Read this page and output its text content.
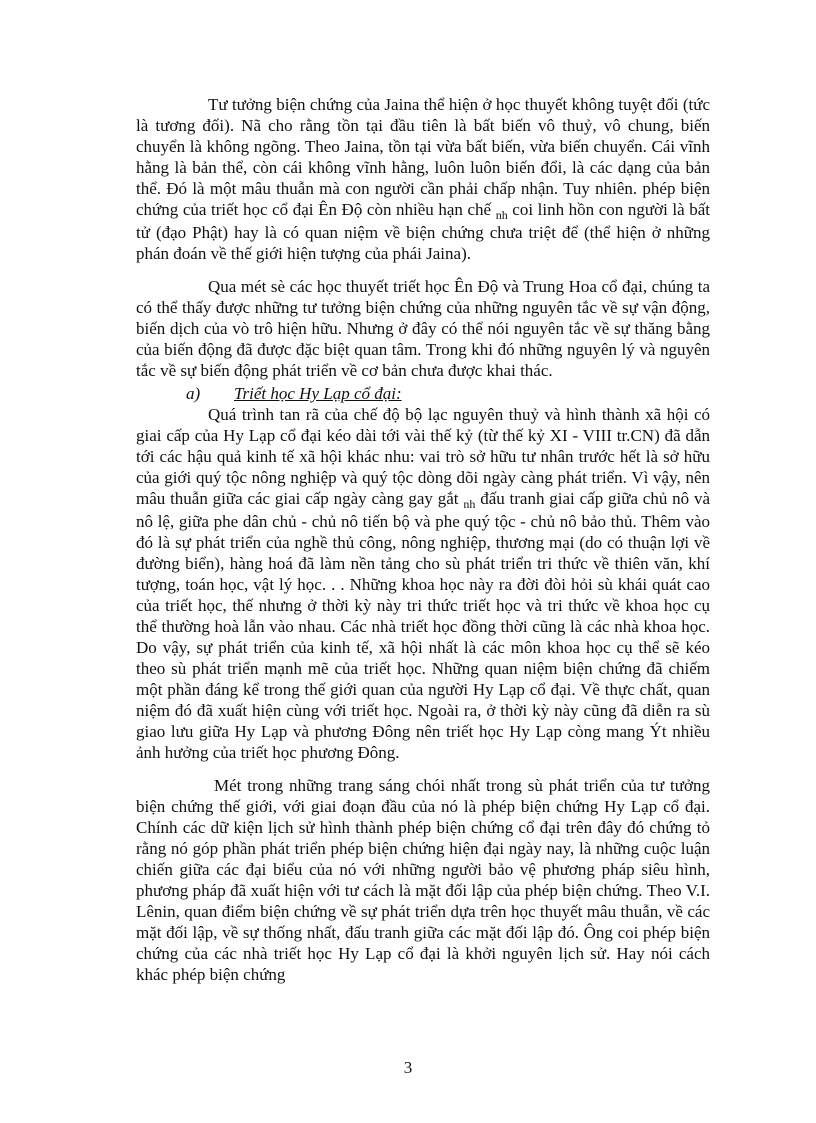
Tư tưởng biện chứng của Jaina thể hiện ở học thuyết không tuyệt đối (tức là tương đối). Nã cho rằng tồn tại đầu tiên là bất biến vô thuỷ, vô chung, biến chuyển là không ngõng. Theo Jaina, tồn tại vừa bất biến, vừa biến chuyển. Cái vĩnh hằng là bản thể, còn cái không vĩnh hằng, luôn luôn biến đổi, là các dạng của bản thể. Đó là một mâu thuẫn mà con người cần phải chấp nhận. Tuy nhiên. phép biện chứng của triết học cổ đại Ên Độ còn nhiều hạn chế $_{nh}$ coi linh hồn con người là bất tử (đạo Phật) hay là có quan niệm về biện chứng chưa triệt để (thể hiện ở những phán đoán về thế giới hiện tượng của phái Jaina).

Qua mét sè các học thuyết triết học Ên Độ và Trung Hoa cổ đại, chúng ta có thể thấy được những tư tưởng biện chứng của những nguyên tắc về sự vận động, biến dịch của vò trô hiện hữu. Nhưng ở đây có thể nói nguyên tắc về sự thăng bằng của biến động đã được đặc biệt quan tâm. Trong khi đó những nguyên lý và nguyên tắc về sự biến động phát triển về cơ bản chưa được khai thác.

a) Triết học Hy Lạp cổ đại:

Quá trình tan rã của chế độ bộ lạc nguyên thuỷ và hình thành xã hội có giai cấp của Hy Lạp cổ đại kéo dài tới vài thế kỷ (từ thế kỷ XI - VIII tr.CN) đã dẫn tới các hậu quả kinh tế xã hội khác nhu: vai trò sở hữu tư nhân trước hết là sở hữu của giới quý tộc nông nghiệp và quý tộc dòng dõi ngày càng phát triển. Vì vậy, nên mâu thuẫn giữa các giai cấp ngày càng gay gắt $_{nh}$ đấu tranh giai cấp giữa chủ nô và nô lệ, giữa phe dân chủ - chủ nô tiến bộ và phe quý tộc - chủ nô bảo thủ. Thêm vào đó là sự phát triển của nghề thủ công, nông nghiệp, thương mại (do có thuận lợi về đường biển), hàng hoá đã làm nền tảng cho sù phát triển tri thức về thiên văn, khí tượng, toán học, vật lý học. . . Những khoa học này ra đời đòi hỏi sù khái quát cao của triết học, thế nhưng ở thời kỳ này tri thức triết học và tri thức về khoa học cụ thể thường hoà lẫn vào nhau. Các nhà triết học đồng thời cũng là các nhà khoa học. Do vậy, sự phát triển của kinh tế, xã hội nhất là các môn khoa học cụ thể sẽ kéo theo sù phát triển mạnh mẽ của triết học. Những quan niệm biện chứng đã chiếm một phần đáng kể trong thế giới quan của người Hy Lạp cổ đại. Về thực chất, quan niệm đó đã xuất hiện cùng với triết học. Ngoài ra, ở thời kỳ này cũng đã diễn ra sù giao lưu giữa Hy Lạp và phương Đông nên triết học Hy Lạp còng mang Ýt nhiều ảnh hưởng của triết học phương Đông.

Mét trong những trang sáng chói nhất trong sù phát triển của tư tưởng biện chứng thế giới, với giai đoạn đầu của nó là phép biện chứng Hy Lạp cổ đại. Chính các dữ kiện lịch sử hình thành phép biện chứng cổ đại trên đây đó chứng tỏ rằng nó góp phần phát triển phép biện chứng hiện đại ngày nay, là những cuộc luận chiến giữa các đại biểu của nó với những người bảo vệ phương pháp siêu hình, phương pháp đã xuất hiện với tư cách là mặt đối lập của phép biện chứng. Theo V.I. Lênin, quan điểm biện chứng về sự phát triển dựa trên học thuyết mâu thuẫn, về các mặt đối lập, về sự thống nhất, đấu tranh giữa các mặt đối lập đó. Ông coi phép biện chứng của các nhà triết học Hy Lạp cổ đại là khởi nguyên lịch sử. Hay nói cách khác phép biện chứng

3
